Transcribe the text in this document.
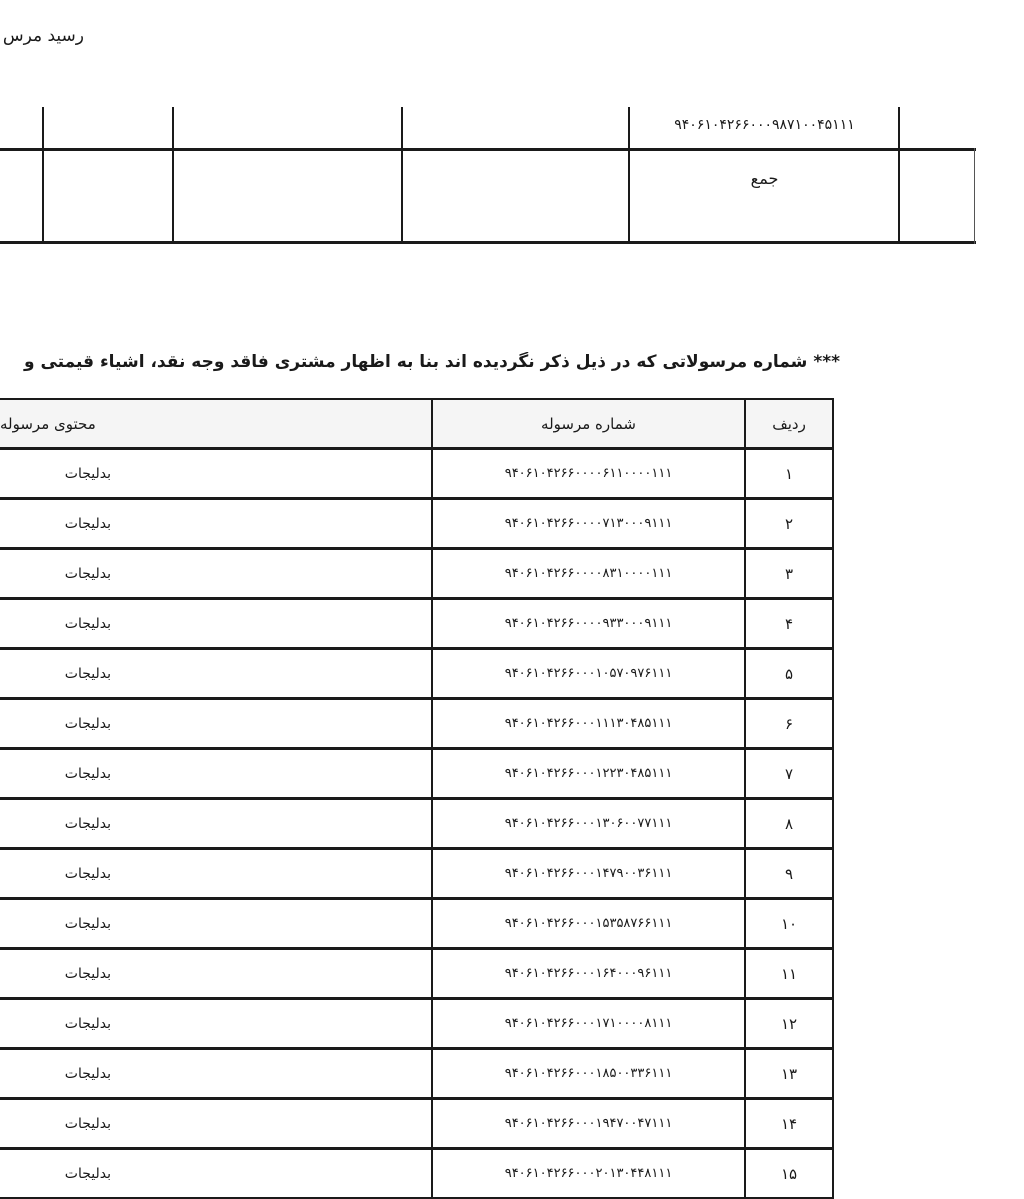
رسید مرس
۹۴۰۶۱۰۴۲۶۶۰۰۰۹۸۷۱۰۰۴۵۱۱۱
جمع
*** شماره مرسولاتی که در ذیل ذکر نگردیده اند بنا به اظهار مشتری فاقد وجه نقد، اشیاء قیمتی و
ردیف
شماره مرسوله
محتوی مرسوله
۱
۹۴۰۶۱۰۴۲۶۶۰۰۰۰۶۱۱۰۰۰۰۱۱۱
بدلیجات
۲
۹۴۰۶۱۰۴۲۶۶۰۰۰۰۷۱۳۰۰۰۹۱۱۱
بدلیجات
۳
۹۴۰۶۱۰۴۲۶۶۰۰۰۰۸۳۱۰۰۰۰۱۱۱
بدلیجات
۴
۹۴۰۶۱۰۴۲۶۶۰۰۰۰۹۳۳۰۰۰۹۱۱۱
بدلیجات
۵
۹۴۰۶۱۰۴۲۶۶۰۰۰۱۰۵۷۰۹۷۶۱۱۱
بدلیجات
۶
۹۴۰۶۱۰۴۲۶۶۰۰۰۱۱۱۳۰۴۸۵۱۱۱
بدلیجات
۷
۹۴۰۶۱۰۴۲۶۶۰۰۰۱۲۲۳۰۴۸۵۱۱۱
بدلیجات
۸
۹۴۰۶۱۰۴۲۶۶۰۰۰۱۳۰۶۰۰۷۷۱۱۱
بدلیجات
۹
۹۴۰۶۱۰۴۲۶۶۰۰۰۱۴۷۹۰۰۳۶۱۱۱
بدلیجات
۱۰
۹۴۰۶۱۰۴۲۶۶۰۰۰۱۵۳۵۸۷۶۶۱۱۱
بدلیجات
۱۱
۹۴۰۶۱۰۴۲۶۶۰۰۰۱۶۴۰۰۰۹۶۱۱۱
بدلیجات
۱۲
۹۴۰۶۱۰۴۲۶۶۰۰۰۱۷۱۰۰۰۰۸۱۱۱
بدلیجات
۱۳
۹۴۰۶۱۰۴۲۶۶۰۰۰۱۸۵۰۰۳۳۶۱۱۱
بدلیجات
۱۴
۹۴۰۶۱۰۴۲۶۶۰۰۰۱۹۴۷۰۰۴۷۱۱۱
بدلیجات
۱۵
۹۴۰۶۱۰۴۲۶۶۰۰۰۲۰۱۳۰۴۴۸۱۱۱
بدلیجات
